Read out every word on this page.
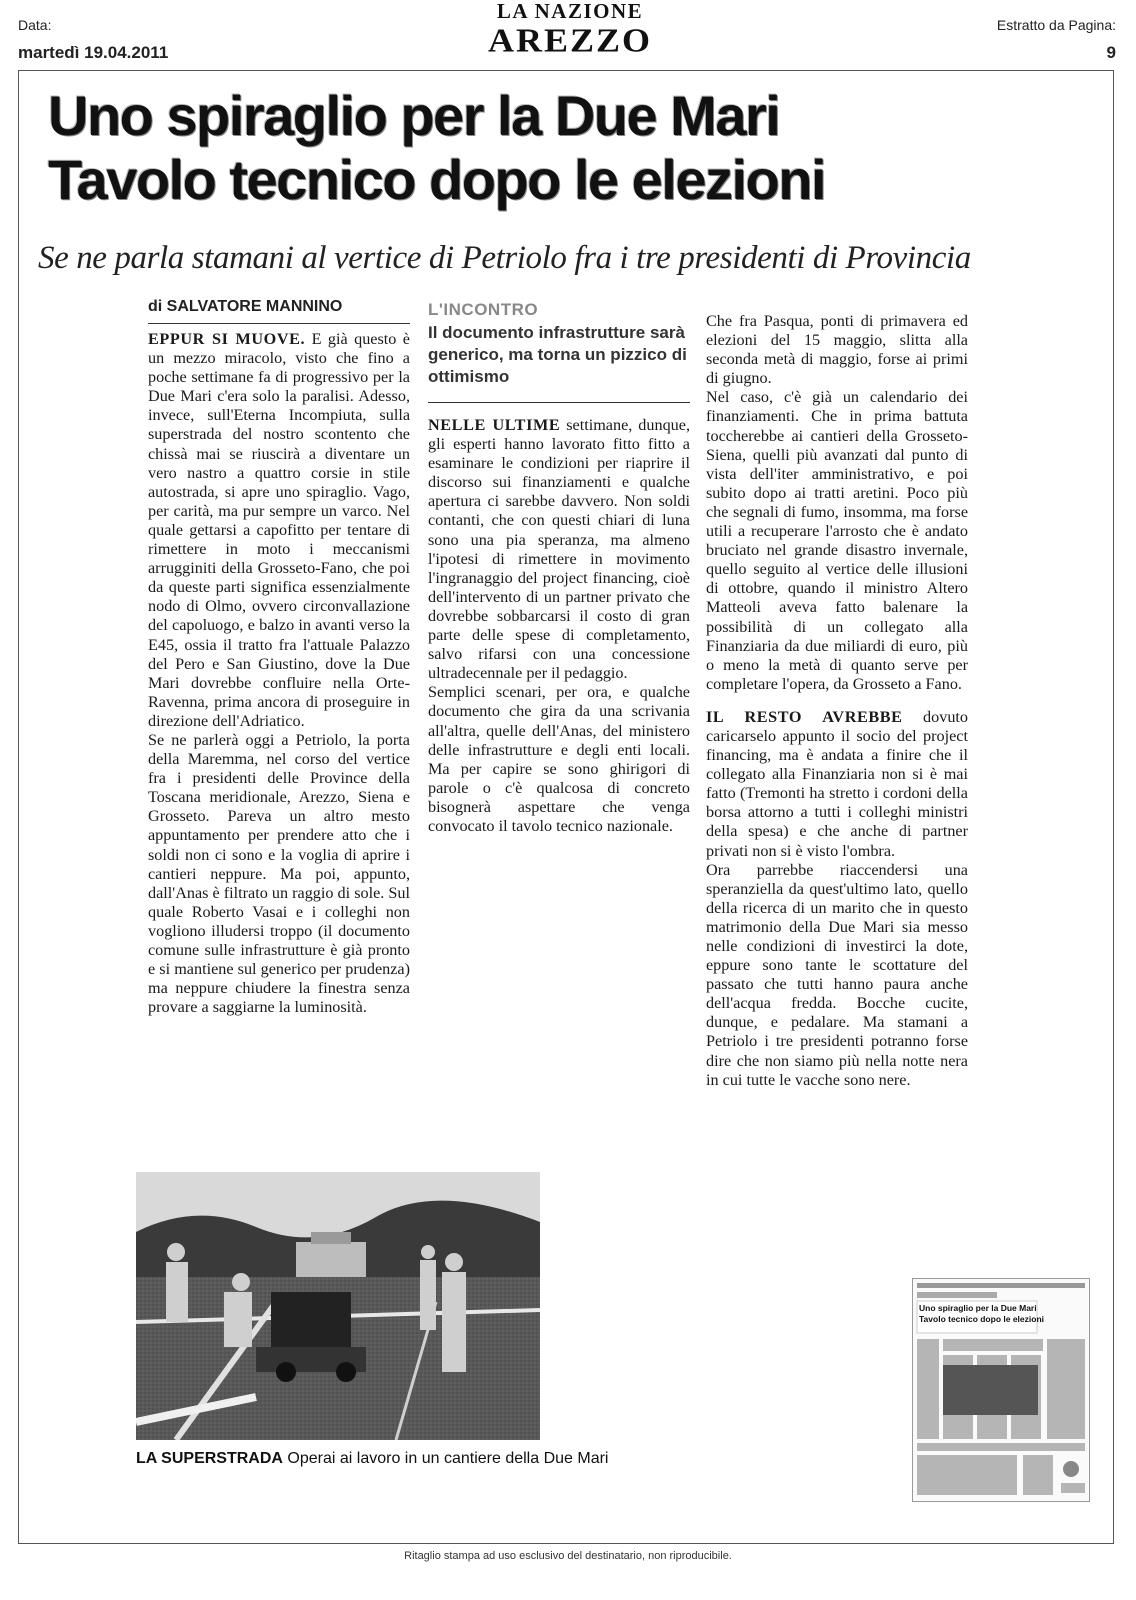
Data:
martedì 19.04.2011
LA NAZIONE
AREZZO	Estratto da Pagina:
9
Uno spiraglio per la Due Mari
Tavolo tecnico dopo le elezioni
Se ne parla stamani al vertice di Petriolo fra i tre presidenti di Provincia
di SALVATORE MANNINO

EPPUR SI MUOVE. E già questo è un mezzo miracolo, visto che fino a poche settimane fa di progressivo per la Due Mari c'era solo la paralisi. Adesso, invece, sull'Eterna Incompiuta, sulla superstrada del nostro scontento che chissà mai se riuscirà a diventare un vero nastro a quattro corsie in stile autostrada, si apre uno spiraglio. Vago, per carità, ma pur sempre un varco. Nel quale gettarsi a capofitto per tentare di rimettere in moto i meccanismi arrugginiti della Grosseto-Fano, che poi da queste parti significa essenzialmente nodo di Olmo, ovvero circonvallazione del capoluogo, e balzo in avanti verso la E45, ossia il tratto fra l'attuale Palazzo del Pero e San Giustino, dove la Due Mari dovrebbe confluire nella Orte-Ravenna, prima ancora di proseguire in direzione dell'Adriatico.

Se ne parlerà oggi a Petriolo, la porta della Maremma, nel corso del vertice fra i presidenti delle Province della Toscana meridionale, Arezzo, Siena e Grosseto. Pareva un altro mesto appuntamento per prendere atto che i soldi non ci sono e la voglia di aprire i cantieri neppure. Ma poi, appunto, dall'Anas è filtrato un raggio di sole. Sul quale Roberto Vasai e i colleghi non vogliono illudersi troppo (il documento comune sulle infrastrutture è già pronto e si mantiene sul generico per prudenza) ma neppure chiudere la finestra senza provare a saggiarne la luminosità.

L'INCONTRO
Il documento infrastrutture sarà generico, ma torna un pizzico di ottimismo

NELLE ULTIME settimane, dunque, gli esperti hanno lavorato fitto fitto a esaminare le condizioni per riaprire il discorso sui finanziamenti e qualche apertura ci sarebbe davvero. Non soldi contanti, che con questi chiari di luna sono una pia speranza, ma almeno l'ipotesi di rimettere in movimento l'ingranaggio del project financing, cioè dell'intervento di un partner privato che dovrebbe sobbarcarsi il costo di gran parte delle spese di completamento, salvo rifarsi con una concessione ultradecennale per il pedaggio.

Semplici scenari, per ora, e qualche documento che gira da una scrivania all'altra, quelle dell'Anas, del ministero delle infrastrutture e degli enti locali. Ma per capire se sono ghirigori di parole o c'è qualcosa di concreto bisognerà aspettare che venga convocato il tavolo tecnico nazionale.

Che fra Pasqua, ponti di primavera ed elezioni del 15 maggio, slitta alla seconda metà di maggio, forse ai primi di giugno.

Nel caso, c'è già un calendario dei finanziamenti. Che in prima battuta toccherebbe ai cantieri della Grosseto-Siena, quelli più avanzati dal punto di vista dell'iter amministrativo, e poi subito dopo ai tratti aretini. Poco più che segnali di fumo, insomma, ma forse utili a recuperare l'arrosto che è andato bruciato nel grande disastro invernale, quello seguito al vertice delle illusioni di ottobre, quando il ministro Altero Matteoli aveva fatto balenare la possibilità di un collegato alla Finanziaria da due miliardi di euro, più o meno la metà di quanto serve per completare l'opera, da Grosseto a Fano.

IL RESTO AVREBBE dovuto caricarselo appunto il socio del project financing, ma è andata a finire che il collegato alla Finanziaria non si è mai fatto (Tremonti ha stretto i cordoni della borsa attorno a tutti i colleghi ministri della spesa) e che anche di partner privati non si è visto l'ombra.

Ora parrebbe riaccendersi una speranziella da quest'ultimo lato, quello della ricerca di un marito che in questo matrimonio della Due Mari sia messo nelle condizioni di investirci la dote, eppure sono tante le scottature del passato che tutti hanno paura anche dell'acqua fredda. Bocche cucite, dunque, e pedalare. Ma stamani a Petriolo i tre presidenti potranno forse dire che non siamo più nella notte nera in cui tutte le vacche sono nere.

LA SUPERSTRADA Operai ai lavoro in un cantiere della Due Mari
Uno spiraglio per la Due Mari
Tavolo tecnico dopo le elezioni
Ritaglio stampa ad uso esclusivo del destinatario, non riproducibile.
